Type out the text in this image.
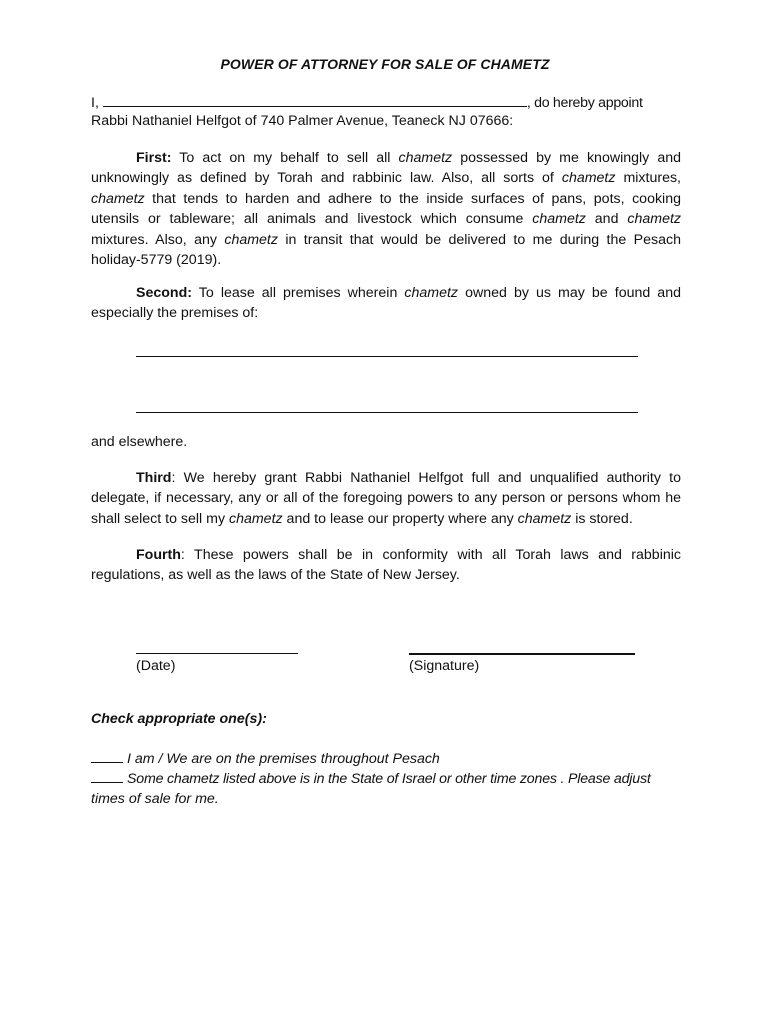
POWER OF ATTORNEY FOR SALE OF CHAMETZ
I,	, do hereby appoint
Rabbi Nathaniel Helfgot of 740 Palmer Avenue, Teaneck NJ 07666:
First: To act on my behalf to sell all chametz possessed by me knowingly and unknowingly as defined by Torah and rabbinic law. Also, all sorts of chametz mixtures, chametz that tends to harden and adhere to the inside surfaces of pans, pots, cooking utensils or tableware; all animals and livestock which consume chametz and chametz mixtures. Also, any chametz in transit that would be delivered to me during the Pesach holiday-5779 (2019).
Second: To lease all premises wherein chametz owned by us may be found and especially the premises of:
and elsewhere.
Third: We hereby grant Rabbi Nathaniel Helfgot full and unqualified authority to delegate, if necessary, any or all of the foregoing powers to any person or persons whom he shall select to sell my chametz and to lease our property where any chametz is stored.
Fourth: These powers shall be in conformity with all Torah laws and rabbinic regulations, as well as the laws of the State of New Jersey.
(Date)	(Signature)
Check appropriate one(s):
I am / We are on the premises throughout Pesach
Some chametz listed above is in the State of Israel or other time zones . Please adjust
times of sale for me.
